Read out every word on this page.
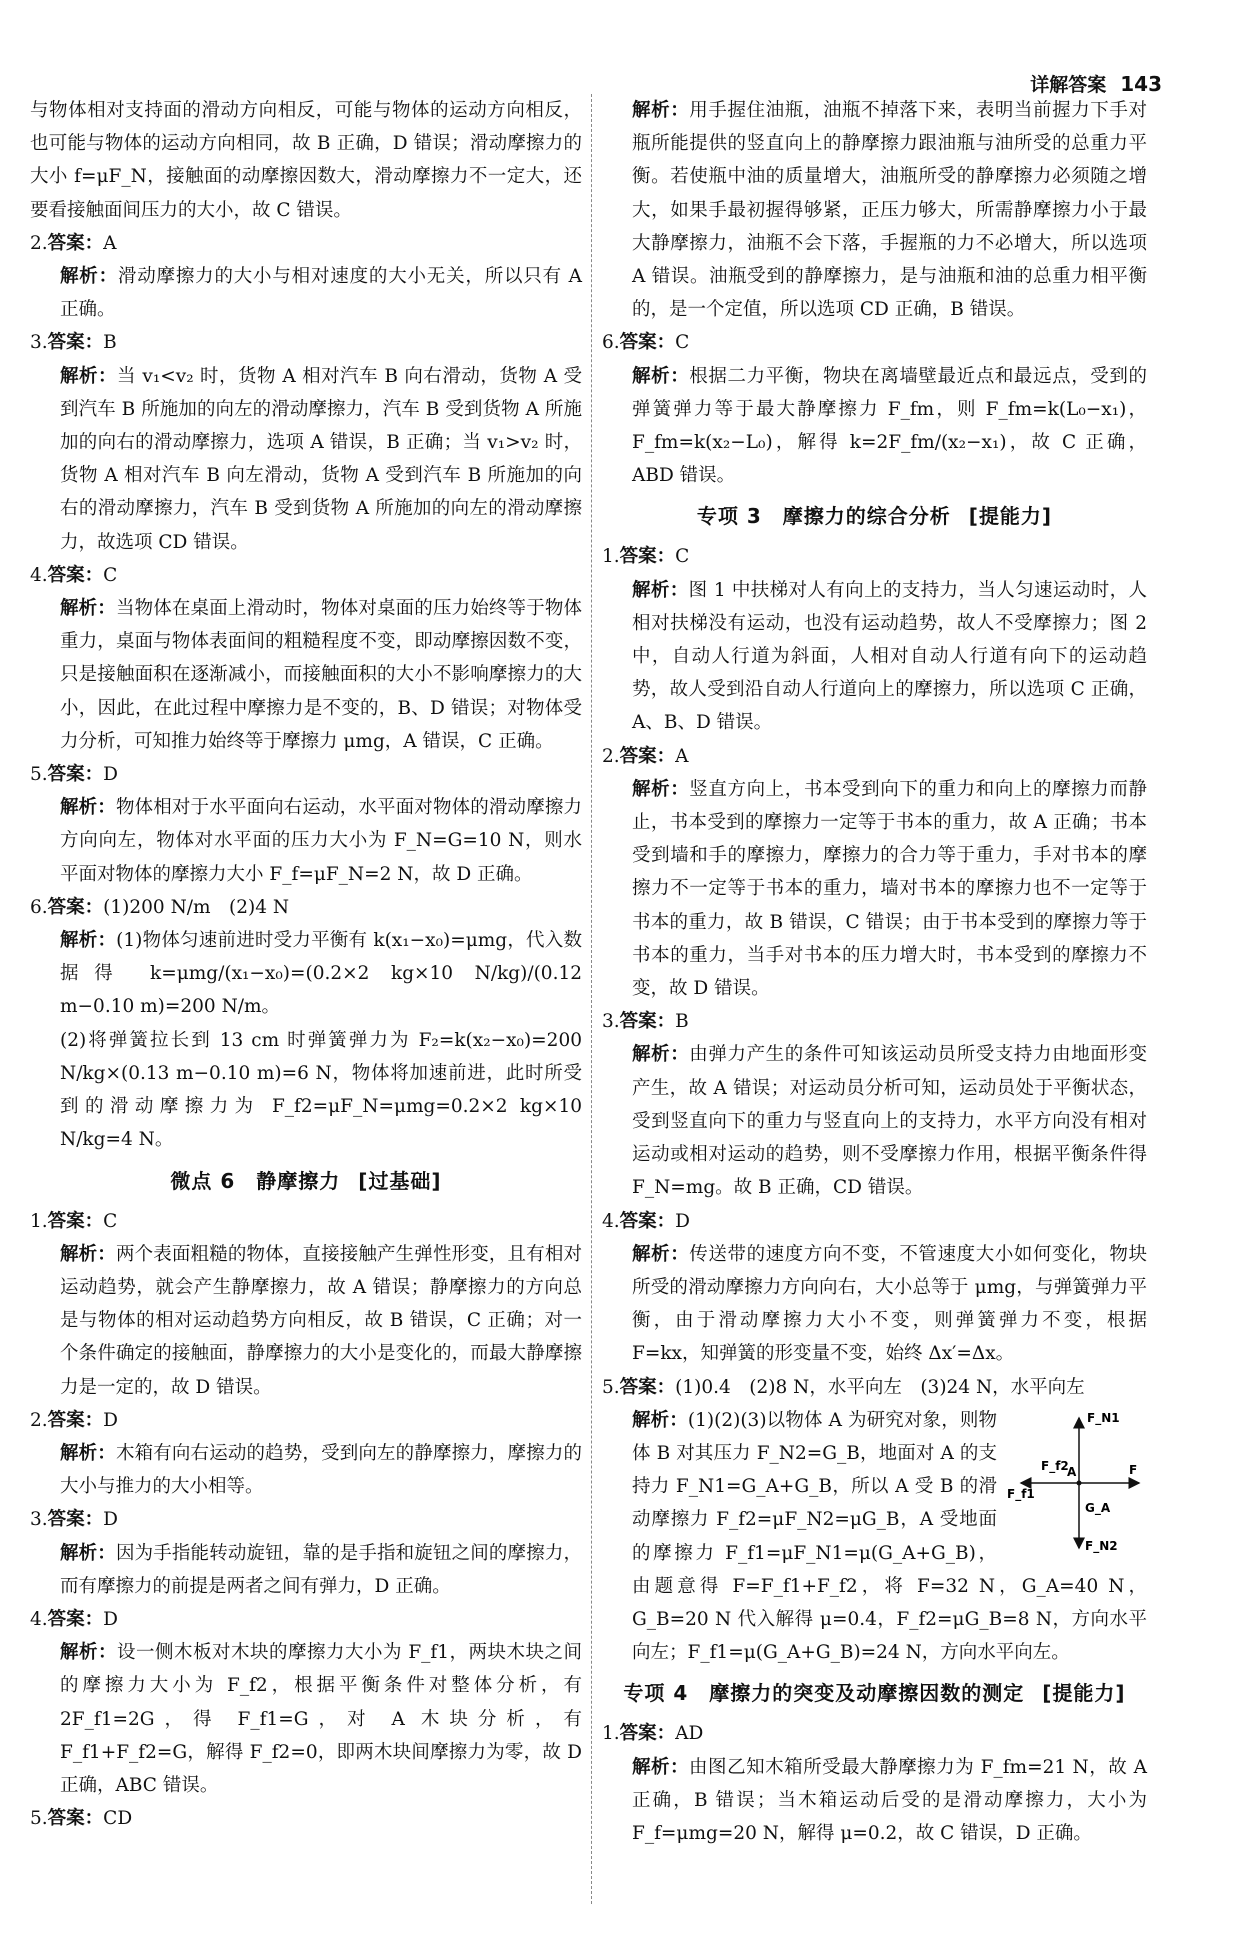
详解答案 143
与物体相对支持面的滑动方向相反，可能与物体的运动方向相反，也可能与物体的运动方向相同，故 B 正确，D 错误；滑动摩擦力的大小 f=μF_N，接触面的动摩擦因数大，滑动摩擦力不一定大，还要看接触面间压力的大小，故 C 错误。
2.答案：A
解析：滑动摩擦力的大小与相对速度的大小无关，所以只有 A 正确。
3.答案：B
解析：当 v₁<v₂ 时，货物 A 相对汽车 B 向右滑动，货物 A 受到汽车 B 所施加的向左的滑动摩擦力，汽车 B 受到货物 A 所施加的向右的滑动摩擦力，选项 A 错误，B 正确；当 v₁>v₂ 时，货物 A 相对汽车 B 向左滑动，货物 A 受到汽车 B 所施加的向右的滑动摩擦力，汽车 B 受到货物 A 所施加的向左的滑动摩擦力，故选项 CD 错误。
4.答案：C
解析：当物体在桌面上滑动时，物体对桌面的压力始终等于物体重力，桌面与物体表面间的粗糙程度不变，即动摩擦因数不变，只是接触面积在逐渐减小，而接触面积的大小不影响摩擦力的大小，因此，在此过程中摩擦力是不变的，B、D 错误；对物体受力分析，可知推力始终等于摩擦力 μmg，A 错误，C 正确。
5.答案：D
解析：物体相对于水平面向右运动，水平面对物体的滑动摩擦力方向向左，物体对水平面的压力大小为 F_N=G=10 N，则水平面对物体的摩擦力大小 F_f=μF_N=2 N，故 D 正确。
6.答案：(1)200 N/m　(2)4 N
解析：(1)物体匀速前进时受力平衡有 k(x₁−x₀)=μmg，代入数据得 k=μmg/(x₁−x₀)=(0.2×2 kg×10 N/kg)/(0.12 m−0.10 m)=200 N/m。
(2)将弹簧拉长到 13 cm 时弹簧弹力为 F₂=k(x₂−x₀)=200 N/kg×(0.13 m−0.10 m)=6 N，物体将加速前进，此时所受到的滑动摩擦力为 F_f2=μF_N=μmg=0.2×2 kg×10 N/kg=4 N。
微点 6　静摩擦力 [过基础]
1.答案：C
解析：两个表面粗糙的物体，直接接触产生弹性形变，且有相对运动趋势，就会产生静摩擦力，故 A 错误；静摩擦力的方向总是与物体的相对运动趋势方向相反，故 B 错误，C 正确；对一个条件确定的接触面，静摩擦力的大小是变化的，而最大静摩擦力是一定的，故 D 错误。
2.答案：D
解析：木箱有向右运动的趋势，受到向左的静摩擦力，摩擦力的大小与推力的大小相等。
3.答案：D
解析：因为手指能转动旋钮，靠的是手指和旋钮之间的摩擦力，而有摩擦力的前提是两者之间有弹力，D 正确。
4.答案：D
解析：设一侧木板对木块的摩擦力大小为 F_f1，两块木块之间的摩擦力大小为 F_f2，根据平衡条件对整体分析，有 2F_f1=2G，得 F_f1=G，对 A 木块分析，有 F_f1+F_f2=G，解得 F_f2=0，即两木块间摩擦力为零，故 D 正确，ABC 错误。
5.答案：CD
解析：用手握住油瓶，油瓶不掉落下来，表明当前握力下手对瓶所能提供的竖直向上的静摩擦力跟油瓶与油所受的总重力平衡。若使瓶中油的质量增大，油瓶所受的静摩擦力必须随之增大，如果手最初握得够紧，正压力够大，所需静摩擦力小于最大静摩擦力，油瓶不会下落，手握瓶的力不必增大，所以选项 A 错误。油瓶受到的静摩擦力，是与油瓶和油的总重力相平衡的，是一个定值，所以选项 CD 正确，B 错误。
6.答案：C
解析：根据二力平衡，物块在离墙壁最近点和最远点，受到的弹簧弹力等于最大静摩擦力 F_fm，则 F_fm=k(L₀−x₁)，F_fm=k(x₂−L₀)，解得 k=2F_fm/(x₂−x₁)，故 C 正确，ABD 错误。
专项 3　摩擦力的综合分析 [提能力]
1.答案：C
解析：图 1 中扶梯对人有向上的支持力，当人匀速运动时，人相对扶梯没有运动，也没有运动趋势，故人不受摩擦力；图 2 中，自动人行道为斜面，人相对自动人行道有向下的运动趋势，故人受到沿自动人行道向上的摩擦力，所以选项 C 正确，A、B、D 错误。
2.答案：A
解析：竖直方向上，书本受到向下的重力和向上的摩擦力而静止，书本受到的摩擦力一定等于书本的重力，故 A 正确；书本受到墙和手的摩擦力，摩擦力的合力等于重力，手对书本的摩擦力不一定等于书本的重力，墙对书本的摩擦力也不一定等于书本的重力，故 B 错误，C 错误；由于书本受到的摩擦力等于书本的重力，当手对书本的压力增大时，书本受到的摩擦力不变，故 D 错误。
3.答案：B
解析：由弹力产生的条件可知该运动员所受支持力由地面形变产生，故 A 错误；对运动员分析可知，运动员处于平衡状态，受到竖直向下的重力与竖直向上的支持力，水平方向没有相对运动或相对运动的趋势，则不受摩擦力作用，根据平衡条件得 F_N=mg。故 B 正确，CD 错误。
4.答案：D
解析：传送带的速度方向不变，不管速度大小如何变化，物块所受的滑动摩擦力方向向右，大小总等于 μmg，与弹簧弹力平衡，由于滑动摩擦力大小不变，则弹簧弹力不变，根据 F=kx，知弹簧的形变量不变，始终 Δx′=Δx。
5.答案：(1)0.4　(2)8 N，水平向左　(3)24 N，水平向左
F_N1
F_f2
A	F
F_f1
G_A
F_N2
解析：(1)(2)(3)以物体 A 为研究对象，则物体 B 对其压力 F_N2=G_B，地面对 A 的支持力 F_N1=G_A+G_B，所以 A 受 B 的滑动摩擦力 F_f2=μF_N2=μG_B，A 受地面的摩擦力 F_f1=μF_N1=μ(G_A+G_B)，由题意得 F=F_f1+F_f2，将 F=32 N，G_A=40 N，G_B=20 N 代入解得 μ=0.4，F_f2=μG_B=8 N，方向水平向左；F_f1=μ(G_A+G_B)=24 N，方向水平向左。
专项 4　摩擦力的突变及动摩擦因数的测定 [提能力]
1.答案：AD
解析：由图乙知木箱所受最大静摩擦力为 F_fm=21 N，故 A 正确，B 错误；当木箱运动后受的是滑动摩擦力，大小为 F_f=μmg=20 N，解得 μ=0.2，故 C 错误，D 正确。
